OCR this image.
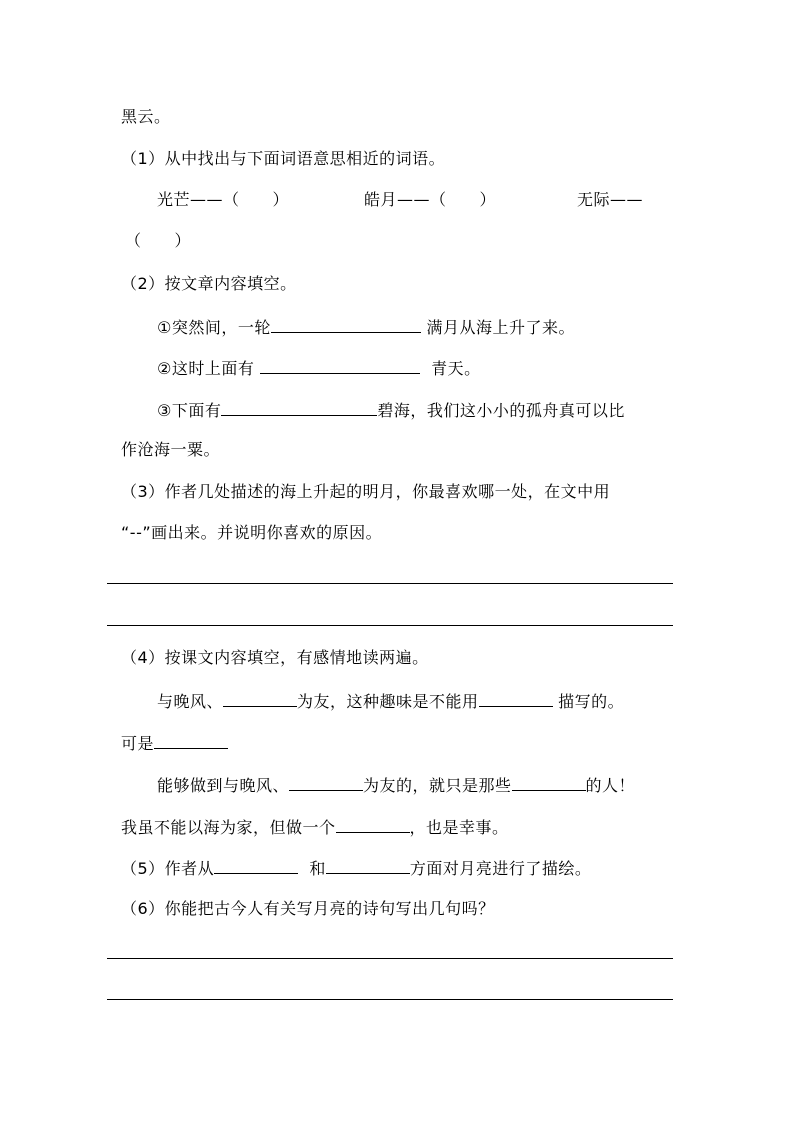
黑云。
（1）从中找出与下面词语意思相近的词语。
光芒——（　　）	皓月——（　　）	无际——
（　　）
（2）按文章内容填空。
①突然间，一轮	满月从海上升了来。
②这时上面有	青天。
③下面有	碧海，我们这小小的孤舟真可以比
作沧海一粟。
（3）作者几处描述的海上升起的明月，你最喜欢哪一处，在文中用
“--”画出来。并说明你喜欢的原因。
（4）按课文内容填空，有感情地读两遍。
与晚风、	为友，这种趣味是不能用	描写的。
可是
能够做到与晚风、	为友的，就只是那些	的人！
我虽不能以海为家，但做一个	，也是幸事。
（5）作者从	和	方面对月亮进行了描绘。
（6）你能把古今人有关写月亮的诗句写出几句吗？
